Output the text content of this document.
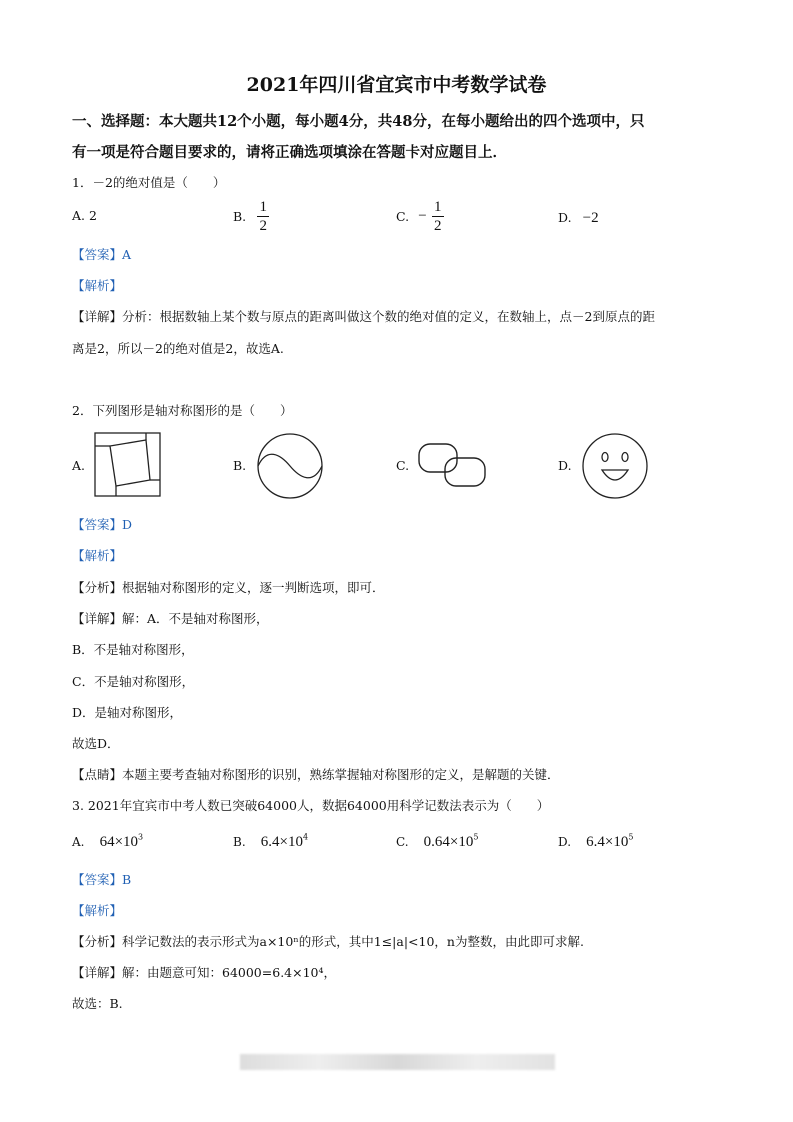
2021年四川省宜宾市中考数学试卷
一、选择题：本大题共12个小题，每小题4分，共48分，在每小题给出的四个选项中，只
有一项是符合题目要求的，请将正确选项填涂在答题卡对应题目上．
1．－2的绝对值是（　　）
A. 2	B. $\frac{1}{2}$	C. − $\frac{1}{2}$	D. −2
【答案】A
【解析】
【详解】分析：根据数轴上某个数与原点的距离叫做这个数的绝对值的定义，在数轴上，点－2到原点的距
离是2，所以－2的绝对值是2，故选A.
2．下列图形是轴对称图形的是（　　）
A.	B.	C.	D.
【答案】D
【解析】
【分析】根据轴对称图形的定义，逐一判断选项，即可．
【详解】解：A．不是轴对称图形，
B．不是轴对称图形，
C．不是轴对称图形，
D．是轴对称图形，
故选D．
【点睛】本题主要考查轴对称图形的识别，熟练掌握轴对称图形的定义，是解题的关键．
3. 2021年宜宾市中考人数已突破64000人，数据64000用科学记数法表示为（　　）
A. $64\times 10^3$	B. $6.4\times 10^4$	C. $0.64\times 10^5$	D. $6.4\times 10^5$
【答案】B
【解析】
【分析】科学记数法的表示形式为a×10ⁿ的形式，其中1≤|a|<10，n为整数，由此即可求解.
【详解】解：由题意可知：64000=6.4×10⁴，
故选：B.
